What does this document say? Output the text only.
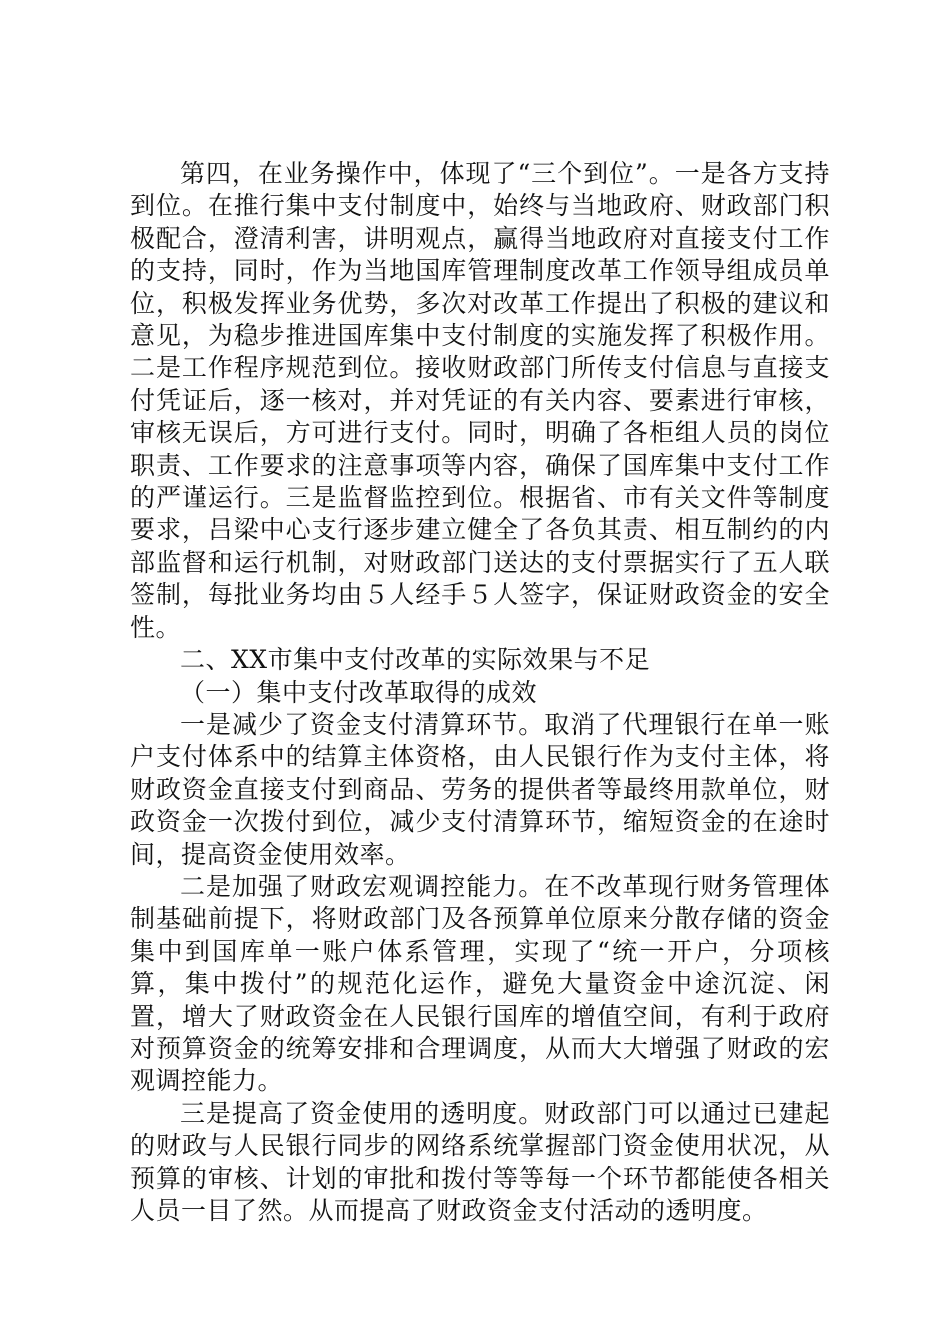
第四，在业务操作中，体现了“三个到位”。一是各方支持到位。在推行集中支付制度中，始终与当地政府、财政部门积极配合，澄清利害，讲明观点，赢得当地政府对直接支付工作的支持，同时，作为当地国库管理制度改革工作领导组成员单位，积极发挥业务优势，多次对改革工作提出了积极的建议和意见，为稳步推进国库集中支付制度的实施发挥了积极作用。二是工作程序规范到位。接收财政部门所传支付信息与直接支付凭证后，逐一核对，并对凭证的有关内容、要素进行审核，审核无误后，方可进行支付。同时，明确了各柜组人员的岗位职责、工作要求的注意事项等内容，确保了国库集中支付工作的严谨运行。三是监督监控到位。根据省、市有关文件等制度要求，吕梁中心支行逐步建立健全了各负其责、相互制约的内部监督和运行机制，对财政部门送达的支付票据实行了五人联签制，每批业务均由５人经手５人签字，保证财政资金的安全性。

二、XX市集中支付改革的实际效果与不足

（一）集中支付改革取得的成效

一是减少了资金支付清算环节。取消了代理银行在单一账户支付体系中的结算主体资格，由人民银行作为支付主体，将财政资金直接支付到商品、劳务的提供者等最终用款单位，财政资金一次拨付到位，减少支付清算环节，缩短资金的在途时间，提高资金使用效率。

二是加强了财政宏观调控能力。在不改革现行财务管理体制基础前提下，将财政部门及各预算单位原来分散存储的资金集中到国库单一账户体系管理，实现了“统一开户，分项核算，集中拨付”的规范化运作，避免大量资金中途沉淀、闲置，增大了财政资金在人民银行国库的增值空间，有利于政府对预算资金的统筹安排和合理调度，从而大大增强了财政的宏观调控能力。

三是提高了资金使用的透明度。财政部门可以通过已建起的财政与人民银行同步的网络系统掌握部门资金使用状况，从预算的审核、计划的审批和拨付等等每一个环节都能使各相关人员一目了然。从而提高了财政资金支付活动的透明度。
